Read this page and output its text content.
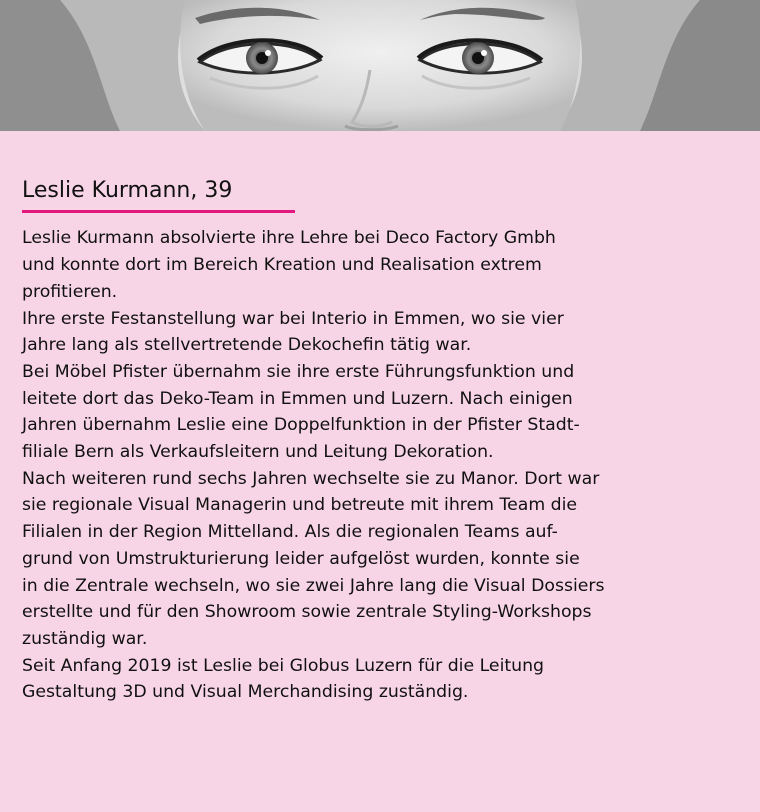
Leslie Kurmann, 39
Leslie Kurmann absolvierte ihre Lehre bei Deco Factory Gmbh
und konnte dort im Bereich Kreation und Realisation extrem
profitieren.
Ihre erste Festanstellung war bei Interio in Emmen, wo sie vier
Jahre lang als stellvertretende Dekochefin tätig war.
Bei Möbel Pfister übernahm sie ihre erste Führungsfunktion und
leitete dort das Deko-Team in Emmen und Luzern. Nach einigen
Jahren übernahm Leslie eine Doppelfunktion in der Pfister Stadt-
filiale Bern als Verkaufsleitern und Leitung Dekoration.
Nach weiteren rund sechs Jahren wechselte sie zu Manor. Dort war
sie regionale Visual Managerin und betreute mit ihrem Team die
Filialen in der Region Mittelland. Als die regionalen Teams auf-
grund von Umstrukturierung leider aufgelöst wurden, konnte sie
in die Zentrale wechseln, wo sie zwei Jahre lang die Visual Dossiers
erstellte und für den Showroom sowie zentrale Styling-Workshops
zuständig war.
Seit Anfang 2019 ist Leslie bei Globus Luzern für die Leitung
Gestaltung 3D und Visual Merchandising zuständig.
